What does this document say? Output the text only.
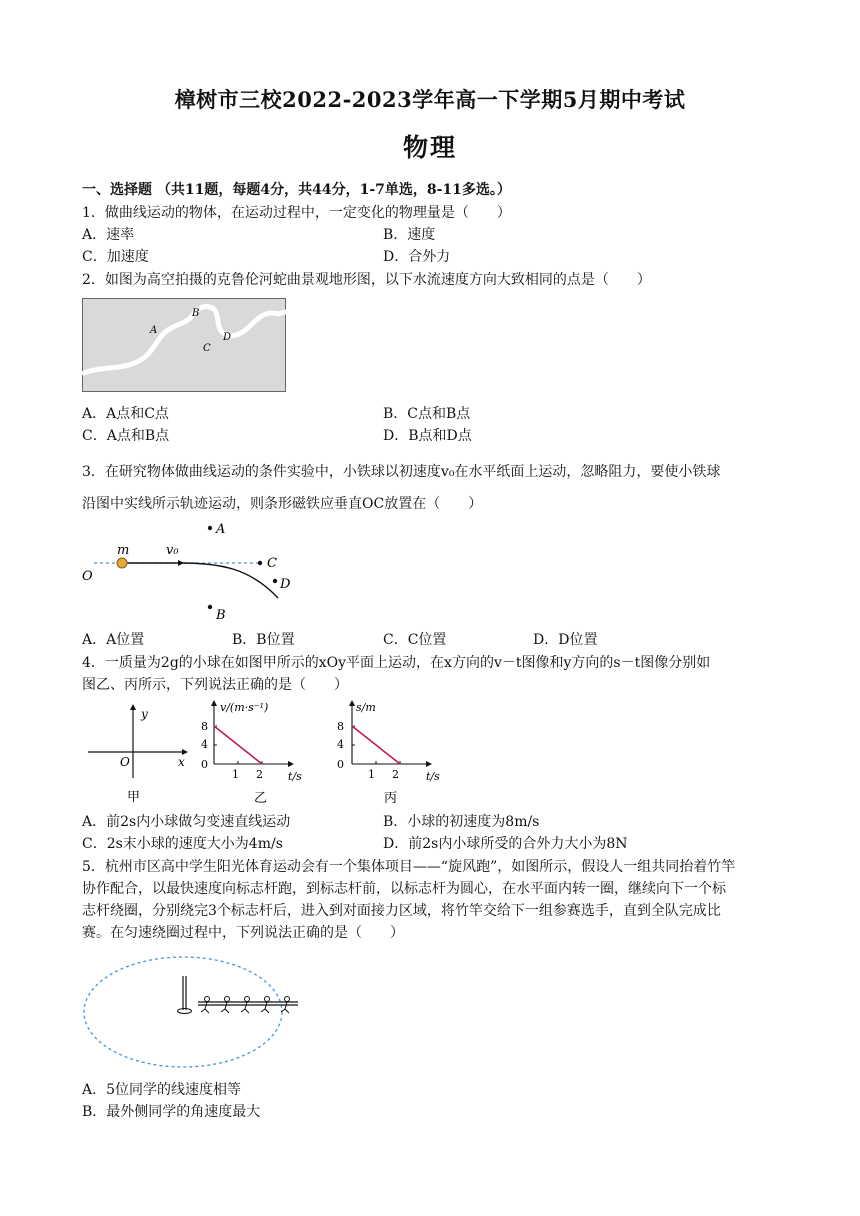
樟树市三校2022-2023学年高一下学期5月期中考试
物理
一、选择题 （共11题，每题4分，共44分，1-7单选，8-11多选。）
1．做曲线运动的物体，在运动过程中，一定变化的物理量是（　　）
A．速率	B．速度
C．加速度	D．合外力
2．如图为高空拍摄的克鲁伦河蛇曲景观地形图，以下水流速度方向大致相同的点是（　　）
A
B
C
D
A．A点和C点	B．C点和B点
C．A点和B点	D．B点和D点
3．在研究物体做曲线运动的条件实验中，小铁球以初速度v₀在水平纸面上运动，忽略阻力，要使小铁球
沿图中实线所示轨迹运动，则条形磁铁应垂直OC放置在（　　）
O
m	v₀
A
C
D
B
A．A位置	B．B位置	C．C位置	D．D位置
4．一质量为2g的小球在如图甲所示的xOy平面上运动，在x方向的v－t图像和y方向的s－t图像分别如
图乙、丙所示，下列说法正确的是（　　）
y
x
O
甲
v/(m·s⁻¹)
t/s
8
4
0
1 2
乙
s/m
t/s
8
4
0
1 2
丙
A．前2s内小球做匀变速直线运动	B．小球的初速度为8m/s
C．2s末小球的速度大小为4m/s	D．前2s内小球所受的合外力大小为8N
5．杭州市区高中学生阳光体育运动会有一个集体项目——“旋风跑”，如图所示，假设人一组共同抬着竹竿
协作配合，以最快速度向标志杆跑，到标志杆前，以标志杆为圆心，在水平面内转一圈，继续向下一个标
志杆绕圈，分别绕完3个标志杆后，进入到对面接力区域，将竹竿交给下一组参赛选手，直到全队完成比
赛。在匀速绕圈过程中，下列说法正确的是（　　）
A．5位同学的线速度相等
B．最外侧同学的角速度最大
